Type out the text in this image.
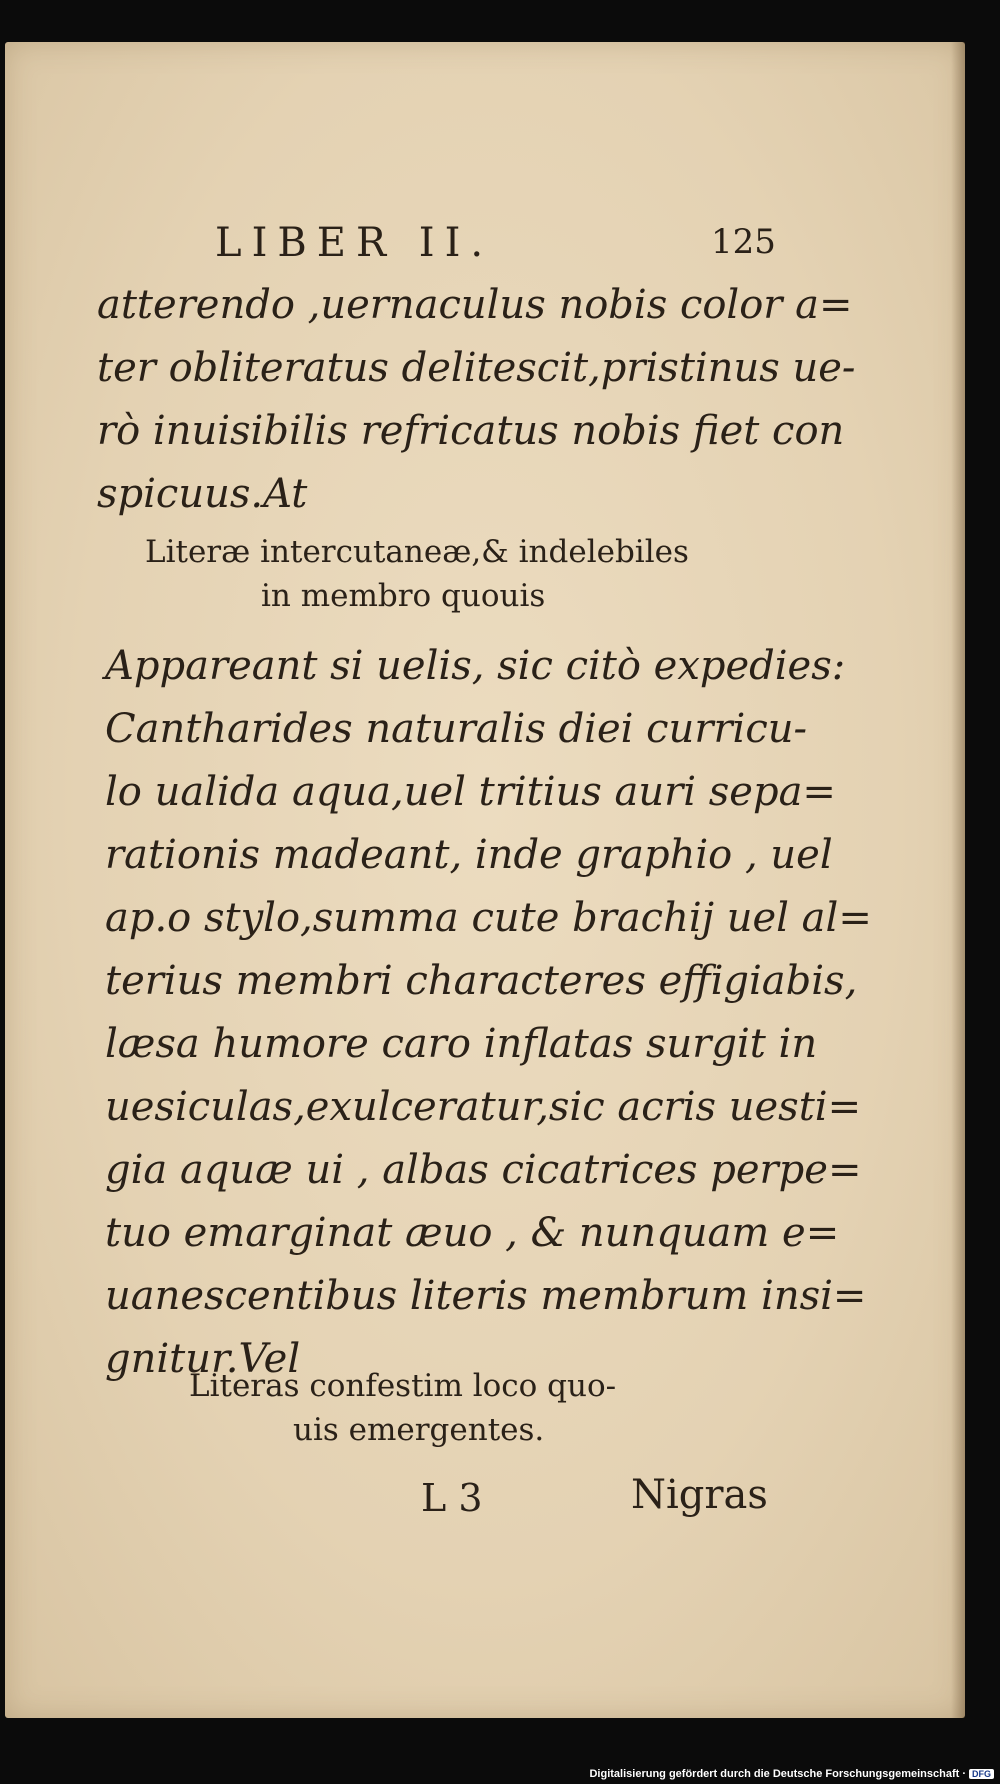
LIBER II.	125

atterendo ,uernaculus nobis color a=
ter obliteratus delitescit,pristinus ue-
rò inuisibilis refricatus nobis fiet con
spicuus.At

Literæ intercutaneæ,& indelebiles
in membro quouis

Appareant si uelis, sic citò expedies:
Cantharides naturalis diei curricu-
lo ualida aqua,uel tritius auri sepa=
rationis madeant, inde graphio , uel
ap.o stylo,summa cute brachij uel al=
terius membri characteres effigiabis,
læsa humore caro inflatas surgit in
uesiculas,exulceratur,sic acris uesti=
gia aquæ ui , albas cicatrices perpe=
tuo emarginat æuo , & nunquam e=
uanescentibus literis membrum insi=
gnitur.Vel

Literas confestim loco quo-
uis emergentes.

L 3	Nigras
Digitalisierung gefördert durch die Deutsche Forschungsgemeinschaft · DFG
